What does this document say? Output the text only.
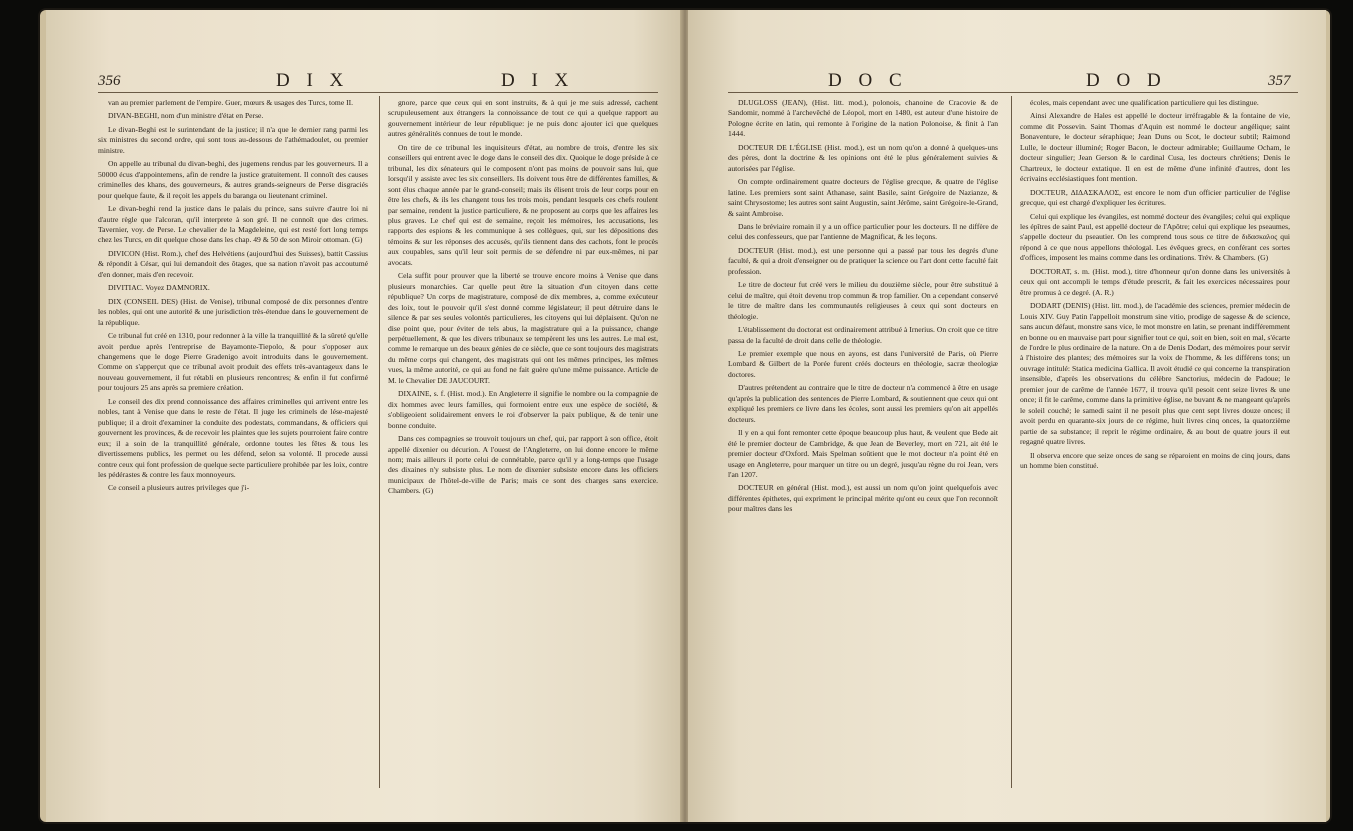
356	D I X	D I X

van au premier parlement de l'empire. Guer, mœurs & usages des Turcs, tome II.

DIVAN-BEGHI, nom d'un ministre d'état en Perse.

Le divan-Beghi est le surintendant de la justice; il n'a que le dernier rang parmi les six ministres du second ordre, qui sont tous au-dessous de l'athémadoulet, ou premier ministre.

On appelle au tribunal du divan-beghi, des jugemens rendus par les gouverneurs. Il a 50000 écus d'appointemens, afin de rendre la justice gratuitement. Il connoît des causes criminelles des khans, des gouverneurs, & autres grands-seigneurs de Perse disgraciés pour quelque faute, & il reçoit les appels du baranga ou lieutenant criminel.

Le divan-beghi rend la justice dans le palais du prince, sans suivre d'autre loi ni d'autre règle que l'alcoran, qu'il interprete à son gré. Il ne connoît que des crimes. Tavernier, voy. de Perse. Le chevalier de la Magdeleine, qui est resté fort long temps chez les Turcs, en dit quelque chose dans les chap. 49 & 50 de son Miroir ottoman. (G)

DIVICON (Hist. Rom.), chef des Helvétiens (aujourd'hui des Suisses), battit Cassius & répondit à César, qui lui demandoit des ôtages, que sa nation n'avoit pas accoutumé d'en donner, mais d'en recevoir.

DIVITIAC. Voyez DAMNORIX.

DIX (CONSEIL DES) (Hist. de Venise), tribunal composé de dix personnes d'entre les nobles, qui ont une autorité & une jurisdiction très-étendue dans le gouvernement de la république.

Ce tribunal fut créé en 1310, pour redonner à la ville la tranquillité & la sûreté qu'elle avoit perdue après l'entreprise de Bayamonte-Tiepolo, & pour s'opposer aux changemens que le doge Pierre Gradenigo avoit introduits dans le gouvernement. Comme on s'apperçut que ce tribunal avoit produit des effets très-avantageux dans le nouveau gouvernement, il fut rétabli en plusieurs rencontres; & enfin il fut confirmé pour toujours 25 ans après sa premiere création.

Le conseil des dix prend connoissance des affaires criminelles qui arrivent entre les nobles, tant à Venise que dans le reste de l'état. Il juge les criminels de lése-majesté publique; il a droit d'examiner la conduite des podestats, commandans, & officiers qui gouvernent les provinces, & de recevoir les plaintes que les sujets pourroient faire contre eux; il a soin de la tranquillité générale, ordonne toutes les fêtes & tous les divertissemens publics, les permet ou les défend, selon sa volonté. Il procede aussi contre ceux qui font profession de quelque secte particuliere prohibée par les loix, contre les pédérastes & contre les faux monnoyeurs.

Ce conseil a plusieurs autres privileges que j'i-

gnore, parce que ceux qui en sont instruits, & à qui je me suis adressé, cachent scrupuleusement aux étrangers la connoissance de tout ce qui a quelque rapport au gouvernement intérieur de leur république: je ne puis donc ajouter ici que quelques autres généralités connues de tout le monde.

On tire de ce tribunal les inquisiteurs d'état, au nombre de trois, d'entre les six conseillers qui entrent avec le doge dans le conseil des dix. Quoique le doge préside à ce tribunal, les dix sénateurs qui le composent n'ont pas moins de pouvoir sans lui, que lorsqu'il y assiste avec les six conseillers. Ils doivent tous être de différentes familles, & sont élus chaque année par le grand-conseil; mais ils élisent trois de leur corps pour en être les chefs, & ils les changent tous les trois mois, pendant lesquels ces chefs roulent par semaine, rendent la justice particuliere, & ne proposent au corps que les affaires les plus graves. Le chef qui est de semaine, reçoit les mémoires, les accusations, les rapports des espions & les communique à ses collègues, qui, sur les dépositions des témoins & sur les réponses des accusés, qu'ils tiennent dans des cachots, font le procès aux coupables, sans qu'il leur soit permis de se défendre ni par eux-mêmes, ni par avocats.

Cela suffit pour prouver que la liberté se trouve encore moins à Venise que dans plusieurs monarchies. Car quelle peut être la situation d'un citoyen dans cette république? Un corps de magistrature, composé de dix membres, a, comme exécuteur des loix, tout le pouvoir qu'il s'est donné comme législateur; il peut détruire dans le silence & par ses seules volontés particulieres, les citoyens qui lui déplaisent. Qu'on ne dise point que, pour éviter de tels abus, la magistrature qui a la puissance, change perpétuellement, & que les divers tribunaux se tempèrent les uns les autres. Le mal est, comme le remarque un des beaux génies de ce siècle, que ce sont toujours des magistrats du même corps qui changent, des magistrats qui ont les mêmes principes, les mêmes vues, la même autorité, ce qui au fond ne fait guère qu'une même puissance. Article de M. le Chevalier DE JAUCOURT.

DIXAINE, s. f. (Hist. mod.). En Angleterre il signifie le nombre ou la compagnie de dix hommes avec leurs familles, qui formoient entre eux une espèce de société, & s'obligeoient solidairement envers le roi d'observer la paix publique, & de tenir une bonne conduite.

Dans ces compagnies se trouvoit toujours un chef, qui, par rapport à son office, étoit appellé dixenier ou décurion. A l'ouest de l'Angleterre, on lui donne encore le même nom; mais ailleurs il porte celui de connétable, parce qu'il y a long-temps que l'usage des dixaines n'y subsiste plus. Le nom de dixenier subsiste encore dans les officiers municipaux de l'hôtel-de-ville de Paris; mais ce sont des charges sans exercice. Chambers. (G)

D O C	D O D	357

DLUGLOSS (JEAN), (Hist. litt. mod.), polonois, chanoine de Cracovie & de Sandomir, nommé à l'archevêché de Léopol, mort en 1480, est auteur d'une histoire de Pologne écrite en latin, qui remonte à l'origine de la nation Polonoise, & finit à l'an 1444.

DOCTEUR DE L'ÉGLISE (Hist. mod.), est un nom qu'on a donné à quelques-uns des pères, dont la doctrine & les opinions ont été le plus généralement suivies & autorisées par l'église.

On compte ordinairement quatre docteurs de l'église grecque, & quatre de l'église latine. Les premiers sont saint Athanase, saint Basile, saint Grégoire de Nazianze, & saint Chrysostome; les autres sont saint Augustin, saint Jérôme, saint Grégoire-le-Grand, & saint Ambroise.

Dans le bréviaire romain il y a un office particulier pour les docteurs. Il ne diffère de celui des confesseurs, que par l'antienne de Magnificat, & les leçons.

DOCTEUR (Hist. mod.), est une personne qui a passé par tous les degrés d'une faculté, & qui a droit d'enseigner ou de pratiquer la science ou l'art dont cette faculté fait profession.

Le titre de docteur fut créé vers le milieu du douzième siècle, pour être substitué à celui de maître, qui étoit devenu trop commun & trop familier. On a cependant conservé le titre de maître dans les communautés religieuses à ceux qui sont docteurs en théologie.

L'établissement du doctorat est ordinairement attribué à Irnerius. On croit que ce titre passa de la faculté de droit dans celle de théologie.

Le premier exemple que nous en ayons, est dans l'université de Paris, où Pierre Lombard & Gilbert de la Porée furent créés docteurs en théologie, sacræ theologiæ doctores.

D'autres prétendent au contraire que le titre de docteur n'a commencé à être en usage qu'après la publication des sentences de Pierre Lombard, & soutiennent que ceux qui ont expliqué les premiers ce livre dans les écoles, sont aussi les premiers qu'on ait appellés docteurs.

Il y en a qui font remonter cette époque beaucoup plus haut, & veulent que Bede ait été le premier docteur de Cambridge, & que Jean de Beverley, mort en 721, ait été le premier docteur d'Oxford. Mais Spelman soûtient que le mot docteur n'a point été en usage en Angleterre, pour marquer un titre ou un degré, jusqu'au règne du roi Jean, vers l'an 1207.

DOCTEUR en général (Hist. mod.), est aussi un nom qu'on joint quelquefois avec différentes épithetes, qui expriment le principal mérite qu'ont eu ceux que l'on reconnoît pour maîtres dans les

écoles, mais cependant avec une qualification particuliere qui les distingue.

Ainsi Alexandre de Hales est appellé le docteur irréfragable & la fontaine de vie, comme dit Possevin. Saint Thomas d'Aquin est nommé le docteur angélique; saint Bonaventure, le docteur séraphique; Jean Duns ou Scot, le docteur subtil; Raimond Lulle, le docteur illuminé; Roger Bacon, le docteur admirable; Guillaume Ocham, le docteur singulier; Jean Gerson & le cardinal Cusa, les docteurs chrétiens; Denis le Chartreux, le docteur extatique. Il en est de même d'une infinité d'autres, dont les écrivains ecclésiastiques font mention.

DOCTEUR, ΔΙΔΑΣΚΑΛΟΣ, est encore le nom d'un officier particulier de l'église grecque, qui est chargé d'expliquer les écritures.

Celui qui explique les évangiles, est nommé docteur des évangiles; celui qui explique les épîtres de saint Paul, est appellé docteur de l'Apôtre; celui qui explique les pseaumes, s'appelle docteur du pseautier. On les comprend tous sous ce titre de διδασκαλος qui répond à ce que nous appellons théologal. Les évêques grecs, en conférant ces sortes d'offices, imposent les mains comme dans les ordinations. Trév. & Chambers. (G)

DOCTORAT, s. m. (Hist. mod.), titre d'honneur qu'on donne dans les universités à ceux qui ont accompli le temps d'étude prescrit, & fait les exercices nécessaires pour être promus à ce degré. (A. R.)

DODART (DENIS) (Hist. litt. mod.), de l'académie des sciences, premier médecin de Louis XIV. Guy Patin l'appelloit monstrum sine vitio, prodige de sagesse & de science, sans aucun défaut, monstre sans vice, le mot monstre en latin, se prenant indifféremment en bonne ou en mauvaise part pour signifier tout ce qui, soit en bien, soit en mal, s'écarte de l'ordre le plus ordinaire de la nature. On a de Denis Dodart, des mémoires pour servir à l'histoire des plantes; des mémoires sur la voix de l'homme, & les différens tons; un ouvrage intitulé: Statica medicina Gallica. Il avoit étudié ce qui concerne la transpiration insensible, d'après les observations du célèbre Sanctorius, médecin de Padoue; le premier jour de carême de l'année 1677, il trouva qu'il pesoit cent seize livres & une once; il fit le carême, comme dans la primitive église, ne buvant & ne mangeant qu'après le soleil couché; le samedi saint il ne pesoit plus que cent sept livres douze onces; il avoit perdu en quarante-six jours de ce régime, huit livres cinq onces, la quatorzième partie de sa substance; il reprit le régime ordinaire, & au bout de quatre jours il eut regagné quatre livres.

Il observa encore que seize onces de sang se réparoient en moins de cinq jours, dans un homme bien constitué.
